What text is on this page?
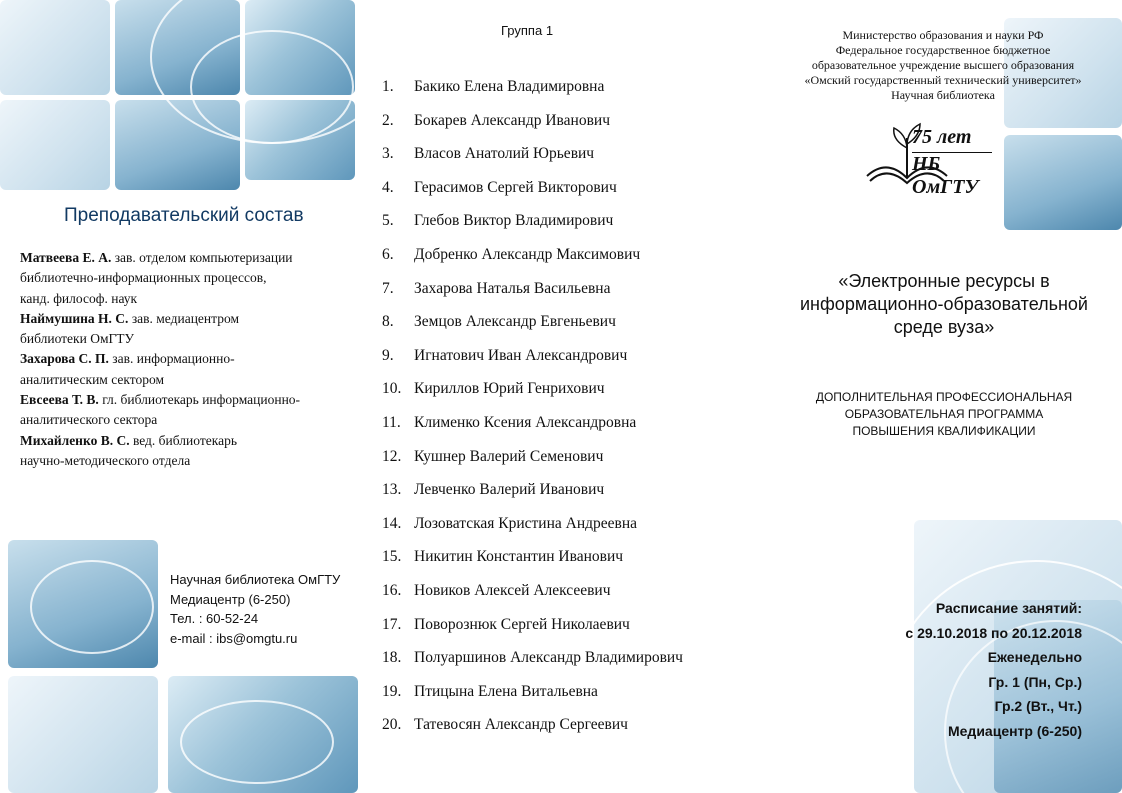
Преподавательский состав
Матвеева Е. А. зав. отделом компьютеризации
библиотечно-информационных процессов,
канд. философ. наук
Наймушина Н. С. зав. медиацентром
библиотеки ОмГТУ
Захарова С. П. зав. информационно-
аналитическим сектором
Евсеева Т. В. гл. библиотекарь информационно-
аналитического сектора
Михайленко В. С. вед. библиотекарь
научно-методического отдела
Научная библиотека ОмГТУ
Медиацентр (6-250)
Тел. : 60-52-24
e-mail : ibs@omgtu.ru
Группа 1
1.	Бакико Елена Владимировна
2.	Бокарев Александр Иванович
3.	Власов Анатолий Юрьевич
4.	Герасимов Сергей Викторович
5.	Глебов Виктор Владимирович
6.	Добренко Александр Максимович
7.	Захарова Наталья Васильевна
8.	Земцов Александр Евгеньевич
9.	Игнатович Иван Александрович
10. Кириллов Юрий Генрихович
11. Клименко Ксения Александровна
12. Кушнер Валерий Семенович
13. Левченко Валерий Иванович
14. Лозоватская Кристина Андреевна
15. Никитин Константин Иванович
16. Новиков Алексей Алексеевич
17. Поворознюк Сергей Николаевич
18. Полуаршинов Александр Владимирович
19. Птицына Елена Витальевна
20. Татевосян Александр Сергеевич
Министерство образования и науки РФ
Федеральное государственное бюджетное
образовательное учреждение высшего образования
«Омский государственный технический университет»
Научная библиотека
75 лет
НБ ОмГТУ
«Электронные ресурсы в
информационно-образовательной
среде вуза»
ДОПОЛНИТЕЛЬНАЯ ПРОФЕССИОНАЛЬНАЯ
ОБРАЗОВАТЕЛЬНАЯ ПРОГРАММА
ПОВЫШЕНИЯ КВАЛИФИКАЦИИ
Расписание занятий:
с 29.10.2018 по 20.12.2018
Еженедельно
Гр. 1 (Пн, Ср.)
Гр.2 (Вт., Чт.)
Медиацентр (6-250)
